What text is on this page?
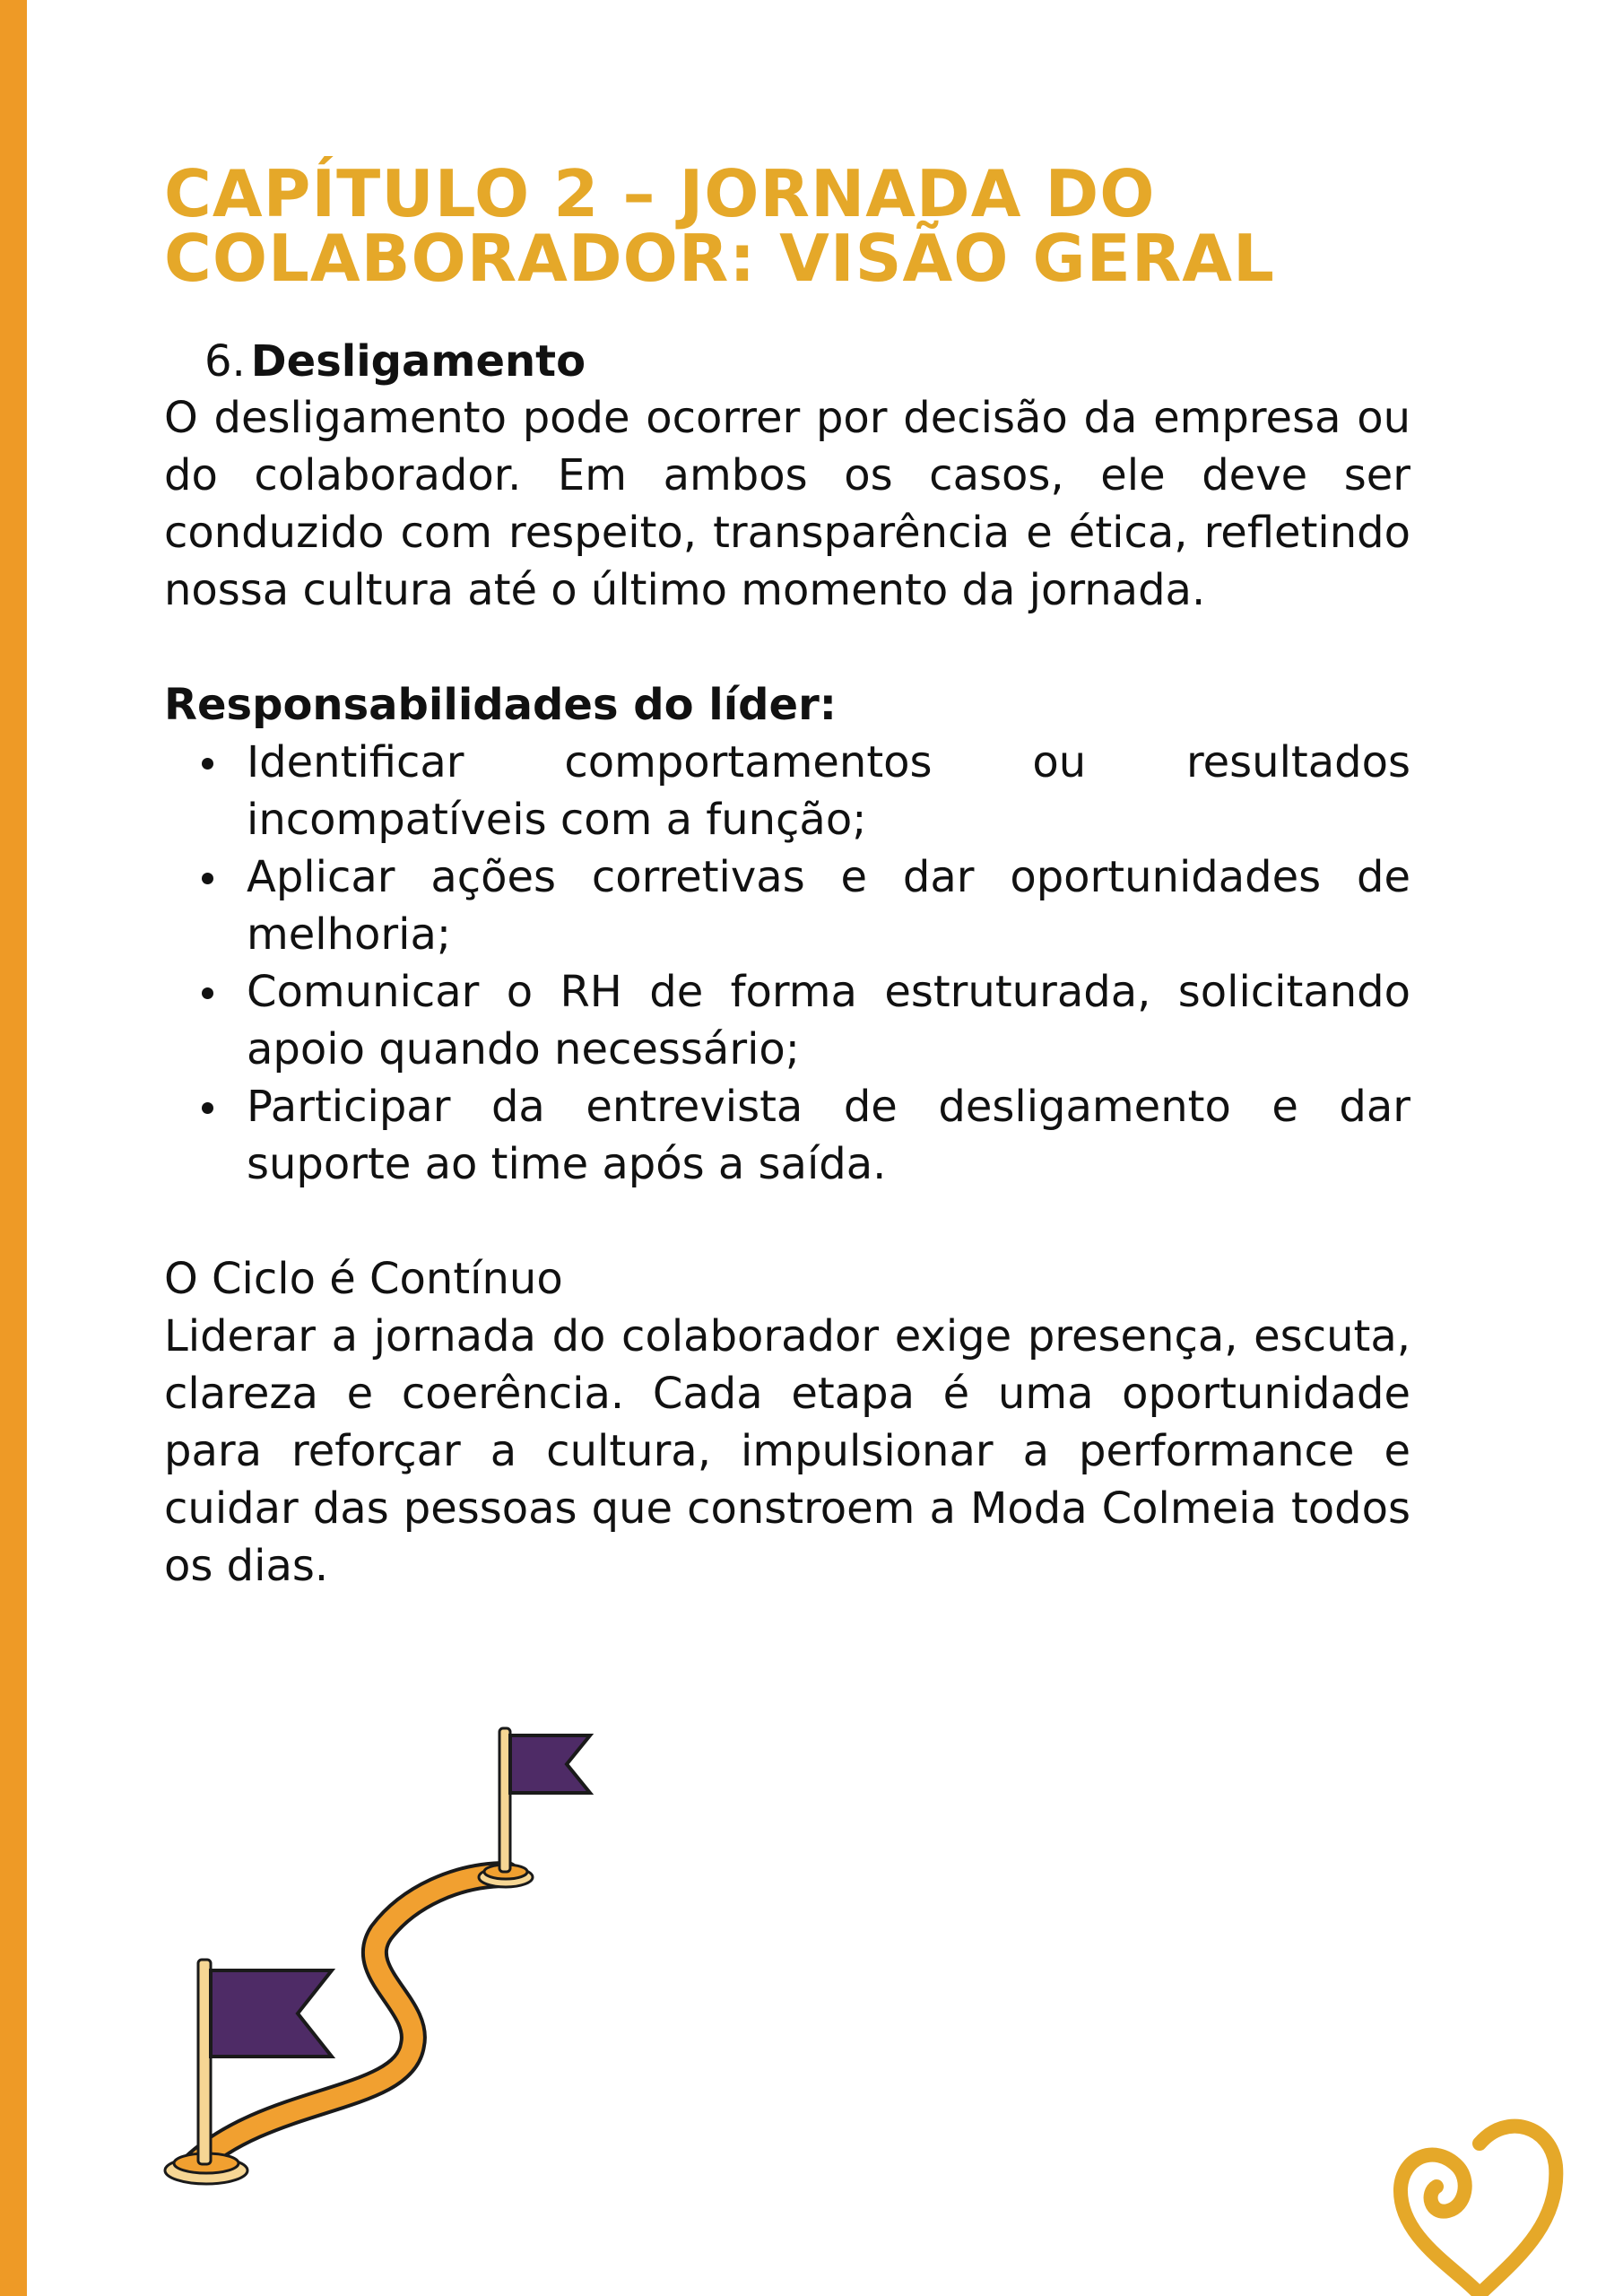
CAPÍTULO 2 – JORNADA DO COLABORADOR: VISÃO GERAL
6. Desligamento

O desligamento pode ocorrer por decisão da empresa ou do colaborador. Em ambos os casos, ele deve ser conduzido com respeito, transparência e ética, refletindo nossa cultura até o último momento da jornada.

Responsabilidades do líder:
Identificar comportamentos ou resultados incompatíveis com a função;
Aplicar ações corretivas e dar oportunidades de melhoria;
Comunicar o RH de forma estruturada, solicitando apoio quando necessário;
Participar da entrevista de desligamento e dar suporte ao time após a saída.
O Ciclo é Contínuo

Liderar a jornada do colaborador exige presença, escuta, clareza e coerência. Cada etapa é uma oportunidade para reforçar a cultura, impulsionar a performance e cuidar das pessoas que constroem a Moda Colmeia todos os dias.
